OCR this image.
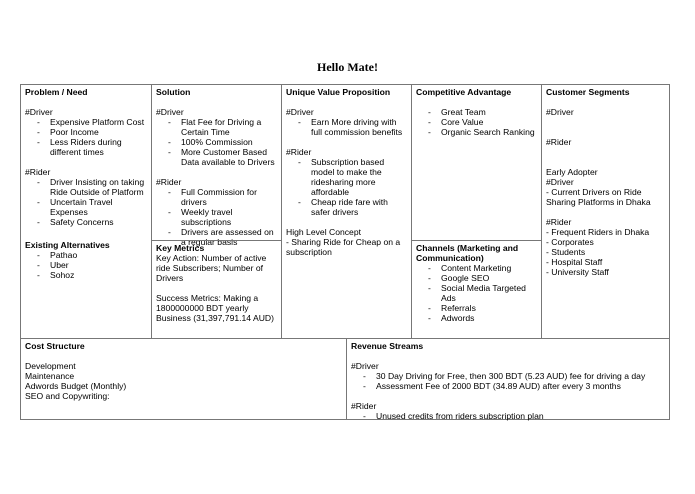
Hello Mate!
Problem / Need
#Driver
- Expensive Platform Cost
- Poor Income
- Less Riders during different times
#Rider
- Driver Insisting on taking Ride Outside of Platform
- Uncertain Travel Expenses
- Safety Concerns
Existing Alternatives
- Pathao
- Uber
- Sohoz
Solution
#Driver
- Flat Fee for Driving a Certain Time
- 100% Commission
- More Customer Based Data available to Drivers
#Rider
- Full Commission for drivers
- Weekly travel subscriptions
- Drivers are assessed on a regular basis
Key Metrics
Key Action: Number of active ride Subscribers; Number of Drivers
Success Metrics: Making a 1800000000 BDT yearly Business (31,397,791.14 AUD)
Unique Value Proposition
#Driver
- Earn More driving with full commission benefits
#Rider
- Subscription based model to make the ridesharing more affordable
- Cheap ride fare with safer drivers
High Level Concept
- Sharing Ride for Cheap on a subscription
Competitive Advantage
- Great Team
- Core Value
- Organic Search Ranking
Channels (Marketing and Communication)
- Content Marketing
- Google SEO
- Social Media Targeted Ads
- Referrals
- Adwords
Customer Segments
#Driver
#Rider
Early Adopter
#Driver
- Current Drivers on Ride Sharing Platforms in Dhaka
#Rider
- Frequent Riders in Dhaka
- Corporates
- Students
- Hospital Staff
- University Staff
Cost Structure
Development
Maintenance
Adwords Budget (Monthly)
SEO and Copywriting:
Revenue Streams
#Driver
- 30 Day Driving for Free, then 300 BDT (5.23 AUD) fee for driving a day
- Assessment Fee of 2000 BDT (34.89 AUD) after every 3 months
#Rider
- Unused credits from riders subscription plan
